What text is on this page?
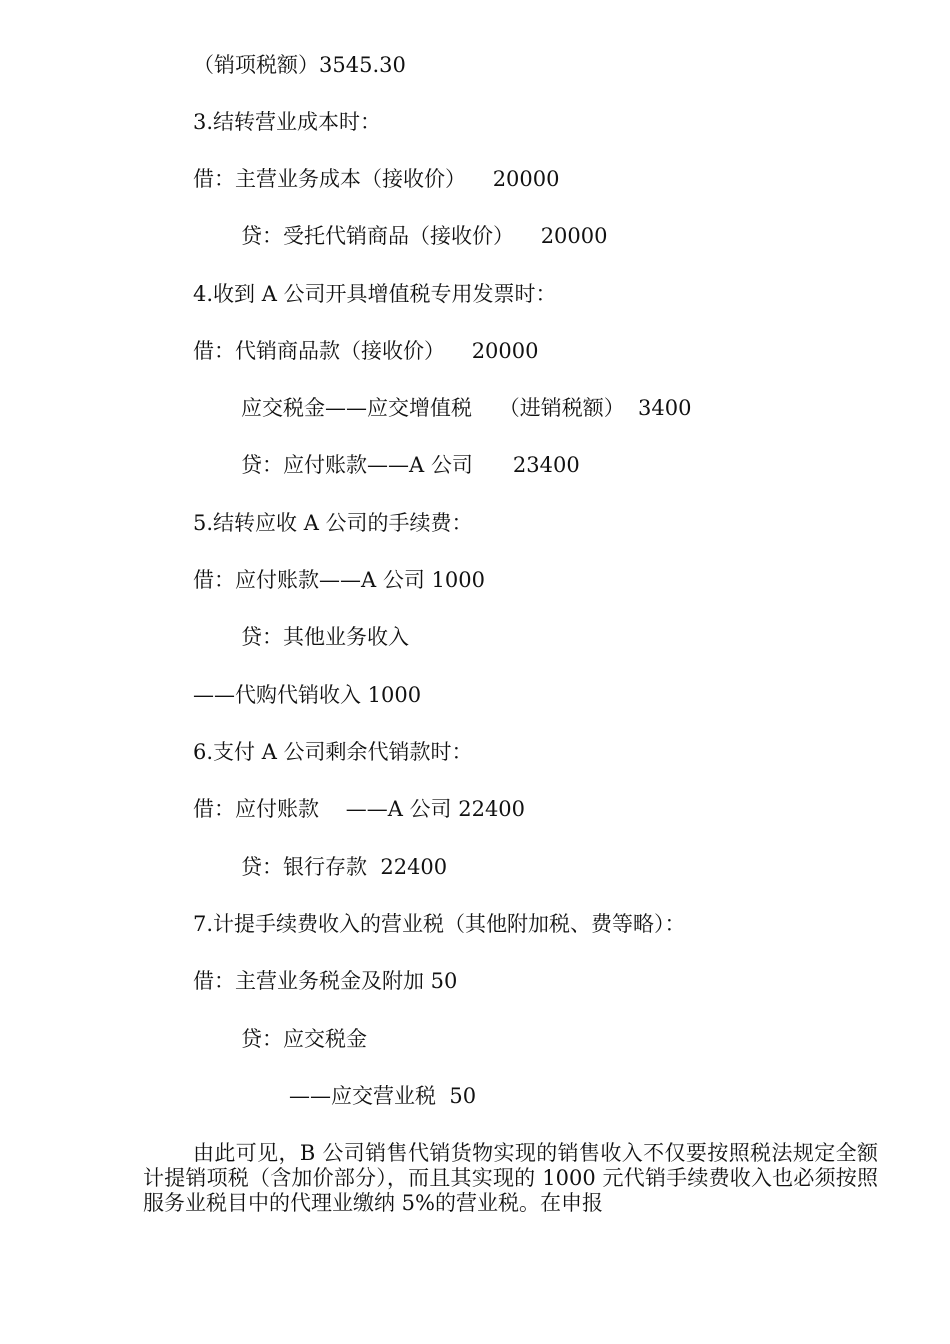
（销项税额）3545.30
3.结转营业成本时：
借：主营业务成本（接收价）    20000
贷：受托代销商品（接收价）    20000
4.收到 A 公司开具增值税专用发票时：
借：代销商品款（接收价）    20000
应交税金——应交增值税    （进销税额）  3400
贷：应付账款——A 公司      23400
5.结转应收 A 公司的手续费：
借：应付账款——A 公司 1000
贷：其他业务收入
——代购代销收入 1000
6.支付 A 公司剩余代销款时：
借：应付账款    ——A 公司 22400
贷：银行存款  22400
7.计提手续费收入的营业税（其他附加税、费等略）：
借：主营业务税金及附加 50
贷：应交税金
——应交营业税  50
由此可见，B 公司销售代销货物实现的销售收入不仅要按照税法规定全额计提销项税（含加价部分），而且其实现的 1000 元代销手续费收入也必须按照服务业税目中的代理业缴纳 5%的营业税。在申报
